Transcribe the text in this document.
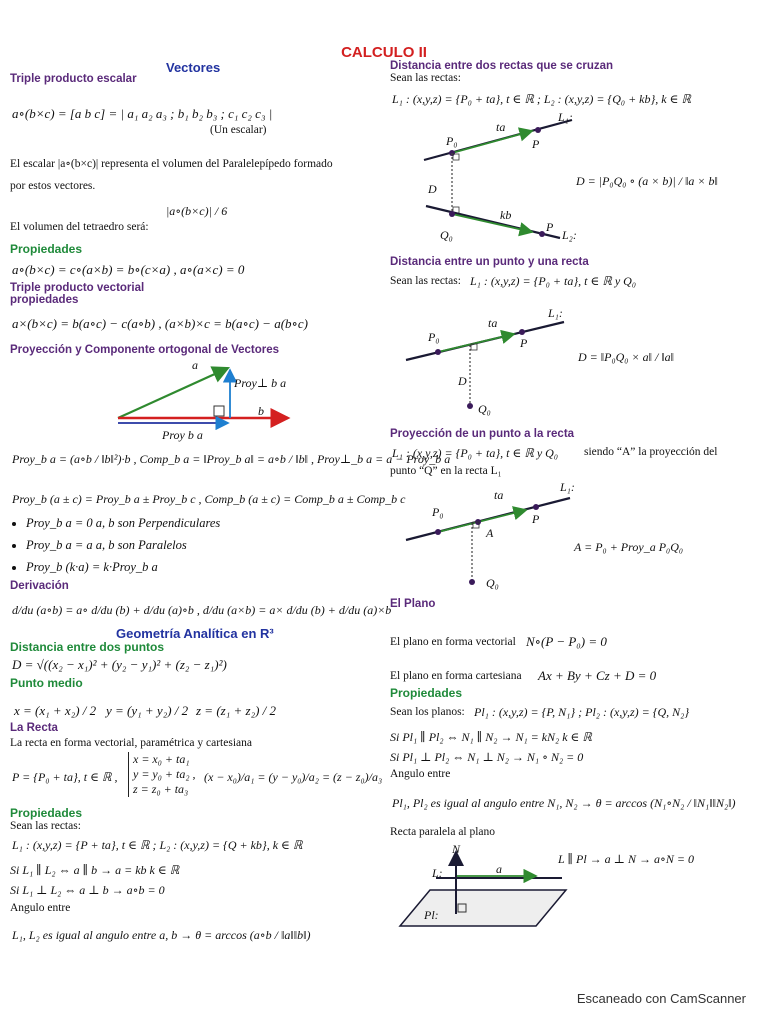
CALCULO II
Vectores
Triple producto escalar
a∘(b×c) = [a b c] = | a₁ a₂ a₃ ; b₁ b₂ b₃ ; c₁ c₂ c₃ |
(Un escalar)
El escalar |a∘(b×c)| representa el volumen del Paralelepípedo formado
por estos vectores.
El volumen del tetraedro será:
|a∘(b×c)| / 6
Propiedades
a∘(b×c) = c∘(a×b) = b∘(c×a) , a∘(a×c) = 0
Triple producto vectorial
propiedades
a×(b×c) = b(a∘c) − c(a∘b) , (a×b)×c = b(a∘c) − a(b∘c)
Proyección y Componente ortogonal de Vectores
a
Proy⊥ b a
b
Proy b a
Proy_b a = (a∘b / ‖b‖²)·b , Comp_b a = ‖Proy_b a‖ = a∘b / ‖b‖ , Proy⊥_b a = a − Proy_b a
Proy_b (a ± c) = Proy_b a ± Proy_b c , Comp_b (a ± c) = Comp_b a ± Comp_b c
• Proy_b a = 0 a, b son Perpendiculares
• Proy_b a = a a, b son Paralelos
• Proy_b (k·a) = k·Proy_b a
Derivación
d/du (a∘b) = a∘ d/du (b) + d/du (a)∘b , d/du (a×b) = a× d/du (b) + d/du (a)×b
Geometría Analítica en R³
Distancia entre dos puntos
D = √((x₂ − x₁)² + (y₂ − y₁)² + (z₂ − z₁)²)
Punto medio
x = (x₁ + x₂) / 2 y = (y₁ + y₂) / 2 z = (z₁ + z₂) / 2
La Recta
La recta en forma vectorial, paramétrica y cartesiana
P = {P₀ + ta}, t ∈ ℝ ,
x = x₀ + ta₁
y = y₀ + ta₂ ,
z = z₀ + ta₃
(x − x₀)/a₁ = (y − y₀)/a₂ = (z − z₀)/a₃
Propiedades
Sean las rectas:
L₁ : (x,y,z) = {P + ta}, t ∈ ℝ ; L₂ : (x,y,z) = {Q + kb}, k ∈ ℝ
Si L₁ ∥ L₂ ⇔ a ∥ b → a = kb k ∈ ℝ
Si L₁ ⊥ L₂ ⇔ a ⊥ b → a∘b = 0
Angulo entre
L₁, L₂ es igual al angulo entre a, b → θ = arccos (a∘b / ‖a‖‖b‖)
Distancia entre dos rectas que se cruzan
Sean las rectas:
L₁ : (x,y,z) = {P₀ + ta}, t ∈ ℝ ; L₂ : (x,y,z) = {Q₀ + kb}, k ∈ ℝ
L₁:
ta
P₀	P
D
kb
Q₀
P
L₂:
D = |P₀Q₀ ∘ (a × b)| / ‖a × b‖
Distancia entre un punto y una recta
Sean las rectas: L₁ : (x,y,z) = {P₀ + ta}, t ∈ ℝ y Q₀
L₁:
ta
P₀	P
D
Q₀
D = ‖P₀Q₀ × a‖ / ‖a‖
Proyección de un punto a la recta
L₁ : (x,y,z) = {P₀ + ta}, t ∈ ℝ y Q₀ siendo “A” la proyección del
punto “Q” en la recta L₁
L₁:
ta
P₀	P
A
Q₀
A = P₀ + Proy_a P₀Q₀
El Plano
El plano en forma vectorial N∘(P − P₀) = 0
El plano en forma cartesiana Ax + By + Cz + D = 0
Propiedades
Sean los planos: Pl₁ : (x,y,z) = {P, N₁} ; Pl₂ : (x,y,z) = {Q, N₂}
Si Pl₁ ∥ Pl₂ ⇔ N₁ ∥ N₂ → N₁ = kN₂ k ∈ ℝ
Si Pl₁ ⊥ Pl₂ ⇔ N₁ ⊥ N₂ → N₁ ∘ N₂ = 0
Angulo entre
Pl₁, Pl₂ es igual al angulo entre N₁, N₂ → θ = arccos (N₁∘N₂ / ‖N₁‖‖N₂‖)
Recta paralela al plano
N
L:	a
Pl:
L ∥ Pl → a ⊥ N → a∘N = 0
Escaneado con CamScanner
